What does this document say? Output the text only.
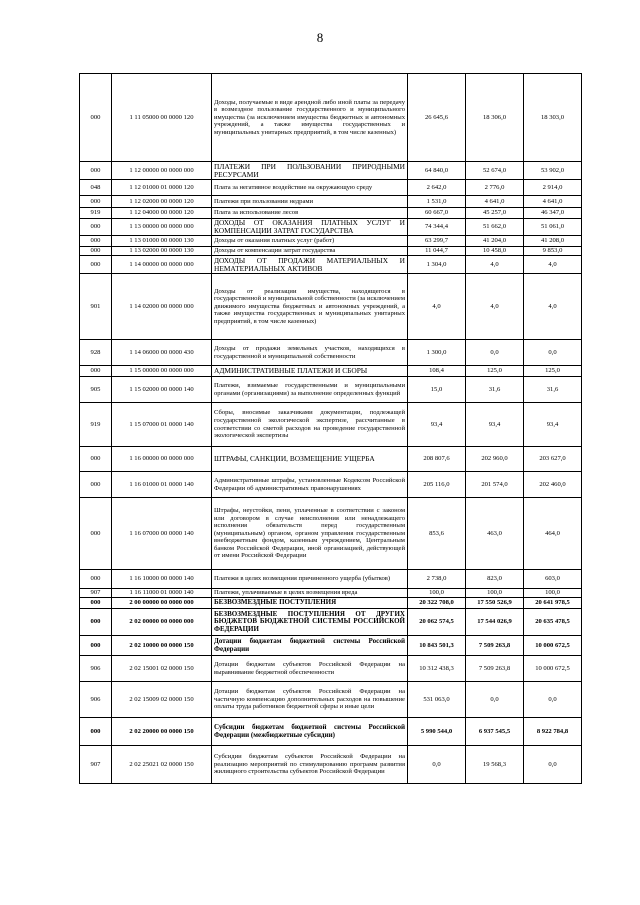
8
000	1 11 05000 00 0000 120	Доходы, получаемые в виде арендной либо иной платы за передачу в возмездное пользование государственного и муниципального имущества (за исключением имущества бюджетных и автономных учреждений, а также имущества государственных и муниципальных унитарных предприятий, в том числе казенных)	26 645,6	18 306,0	18 303,0
000	1 12 00000 00 0000 000	ПЛАТЕЖИ ПРИ ПОЛЬЗОВАНИИ ПРИРОДНЫМИ РЕСУРСАМИ	64 840,0	52 674,0	53 902,0
048	1 12 01000 01 0000 120	Плата за негативное воздействие на окружающую среду	2 642,0	2 776,0	2 914,0
000	1 12 02000 00 0000 120	Платежи при пользовании недрами	1 531,0	4 641,0	4 641,0
919	1 12 04000 00 0000 120	Плата за использование лесов	60 667,0	45 257,0	46 347,0
000	1 13 00000 00 0000 000	ДОХОДЫ ОТ ОКАЗАНИЯ ПЛАТНЫХ УСЛУГ И КОМПЕНСАЦИИ ЗАТРАТ ГОСУДАРСТВА	74 344,4	51 662,0	51 061,0
000	1 13 01000 00 0000 130	Доходы от оказания платных услуг (работ)	63 299,7	41 204,0	41 208,0
000	1 13 02000 00 0000 130	Доходы от компенсации затрат государства	11 044,7	10 458,0	9 853,0
000	1 14 00000 00 0000 000	ДОХОДЫ ОТ ПРОДАЖИ МАТЕРИАЛЬНЫХ И НЕМАТЕРИАЛЬНЫХ АКТИВОВ	1 304,0	4,0	4,0
901	1 14 02000 00 0000 000	Доходы от реализации имущества, находящегося в государственной и муниципальной собственности (за исключением движимого имущества бюджетных и автономных учреждений, а также имущества государственных и муниципальных унитарных предприятий, в том числе казенных)	4,0	4,0	4,0
928	1 14 06000 00 0000 430	Доходы от продажи земельных участков, находящихся в государственной и муниципальной собственности	1 300,0	0,0	0,0
000	1 15 00000 00 0000 000	АДМИНИСТРАТИВНЫЕ ПЛАТЕЖИ И СБОРЫ	108,4	125,0	125,0
905	1 15 02000 00 0000 140	Платежи, взимаемые государственными и муниципальными органами (организациями) за выполнение определенных функций	15,0	31,6	31,6
919	1 15 07000 01 0000 140	Сборы, вносимые заказчиками документации, подлежащей государственной экологической экспертизе, рассчитанные в соответствии со сметой расходов на проведение государственной экологической экспертизы	93,4	93,4	93,4
000	1 16 00000 00 0000 000	ШТРАФЫ, САНКЦИИ, ВОЗМЕЩЕНИЕ УЩЕРБА	208 807,6	202 960,0	203 627,0
000	1 16 01000 01 0000 140	Административные штрафы, установленные Кодексом Российской Федерации об административных правонарушениях	205 116,0	201 574,0	202 460,0
000	1 16 07000 00 0000 140	Штрафы, неустойки, пени, уплаченные в соответствии с законом или договором в случае неисполнения или ненадлежащего исполнения обязательств перед государственным (муниципальным) органом, органом управления государственным внебюджетным фондом, казенным учреждением, Центральным банком Российской Федерации, иной организацией, действующей от имени Российской Федерации	853,6	463,0	464,0
000	1 16 10000 00 0000 140	Платежи в целях возмещения причиненного ущерба (убытков)	2 738,0	823,0	603,0
907	1 16 11000 01 0000 140	Платежи, уплачиваемые в целях возмещения вреда	100,0	100,0	100,0
000	2 00 00000 00 0000 000	БЕЗВОЗМЕЗДНЫЕ ПОСТУПЛЕНИЯ	20 322 708,0	17 550 526,9	20 641 978,5
000	2 02 00000 00 0000 000	БЕЗВОЗМЕЗДНЫЕ ПОСТУПЛЕНИЯ ОТ ДРУГИХ БЮДЖЕТОВ БЮДЖЕТНОЙ СИСТЕМЫ РОССИЙСКОЙ ФЕДЕРАЦИИ	20 062 574,5	17 544 026,9	20 635 478,5
000	2 02 10000 00 0000 150	Дотации бюджетам бюджетной системы Российской Федерации	10 843 501,3	7 509 263,8	10 000 672,5
906	2 02 15001 02 0000 150	Дотации бюджетам субъектов Российской Федерации на выравнивание бюджетной обеспеченности	10 312 438,3	7 509 263,8	10 000 672,5
906	2 02 15009 02 0000 150	Дотации бюджетам субъектов Российской Федерации на частичную компенсацию дополнительных расходов на повышение оплаты труда работников бюджетной сферы и иные цели	531 063,0	0,0	0,0
000	2 02 20000 00 0000 150	Субсидии бюджетам бюджетной системы Российской Федерации (межбюджетные субсидии)	5 990 544,0	6 937 545,5	8 922 784,8
907	2 02 25021 02 0000 150	Субсидии бюджетам субъектов Российской Федерации на реализацию мероприятий по стимулированию программ развития жилищного строительства субъектов Российской Федерации	0,0	19 568,3	0,0
